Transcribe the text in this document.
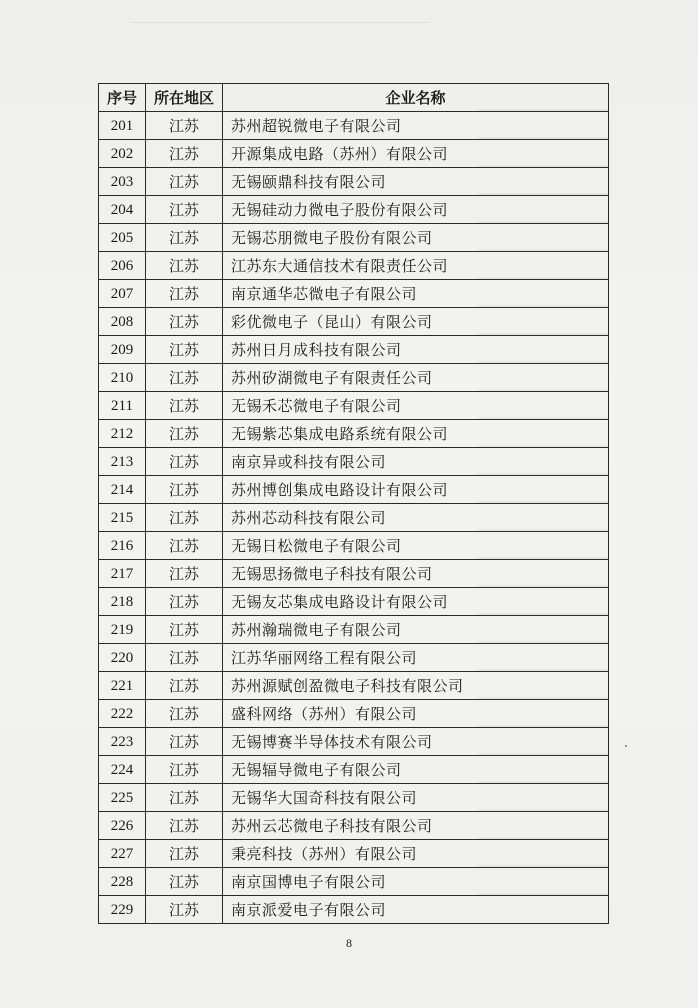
序号	所在地区	企业名称
201	江苏	苏州超锐微电子有限公司
202	江苏	开源集成电路（苏州）有限公司
203	江苏	无锡颐鼎科技有限公司
204	江苏	无锡硅动力微电子股份有限公司
205	江苏	无锡芯朋微电子股份有限公司
206	江苏	江苏东大通信技术有限责任公司
207	江苏	南京通华芯微电子有限公司
208	江苏	彩优微电子（昆山）有限公司
209	江苏	苏州日月成科技有限公司
210	江苏	苏州矽湖微电子有限责任公司
211	江苏	无锡禾芯微电子有限公司
212	江苏	无锡紫芯集成电路系统有限公司
213	江苏	南京异或科技有限公司
214	江苏	苏州博创集成电路设计有限公司
215	江苏	苏州芯动科技有限公司
216	江苏	无锡日松微电子有限公司
217	江苏	无锡思扬微电子科技有限公司
218	江苏	无锡友芯集成电路设计有限公司
219	江苏	苏州瀚瑞微电子有限公司
220	江苏	江苏华丽网络工程有限公司
221	江苏	苏州源赋创盈微电子科技有限公司
222	江苏	盛科网络（苏州）有限公司
223	江苏	无锡博赛半导体技术有限公司
224	江苏	无锡辐导微电子有限公司
225	江苏	无锡华大国奇科技有限公司
226	江苏	苏州云芯微电子科技有限公司
227	江苏	秉亮科技（苏州）有限公司
228	江苏	南京国博电子有限公司
229	江苏	南京派爱电子有限公司
8
